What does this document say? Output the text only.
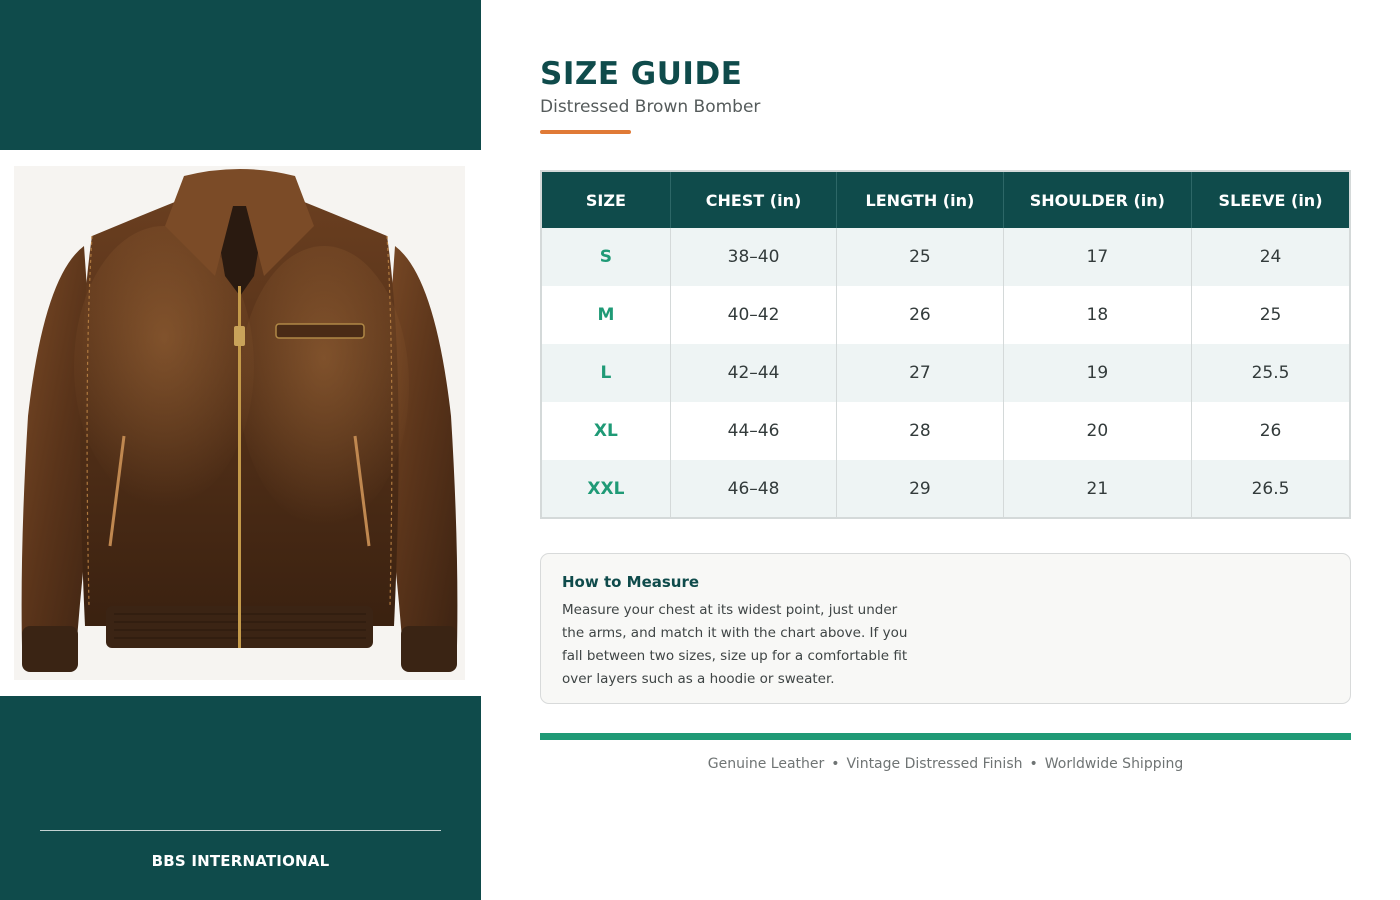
BBS INTERNATIONAL
SIZE GUIDE
Distressed Brown Bomber
SIZE	CHEST (in)	LENGTH (in)	SHOULDER (in)	SLEEVE (in)
S	38–40	25	17	24
M	40–42	26	18	25
L	42–44	27	19	25.5
XL	44–46	28	20	26
XXL	46–48	29	21	26.5
How to Measure
Measure your chest at its widest point, just under the arms, and match it with the chart above. If you fall between two sizes, size up for a comfortable fit over layers such as a hoodie or sweater.
Genuine Leather • Vintage Distressed Finish • Worldwide Shipping
